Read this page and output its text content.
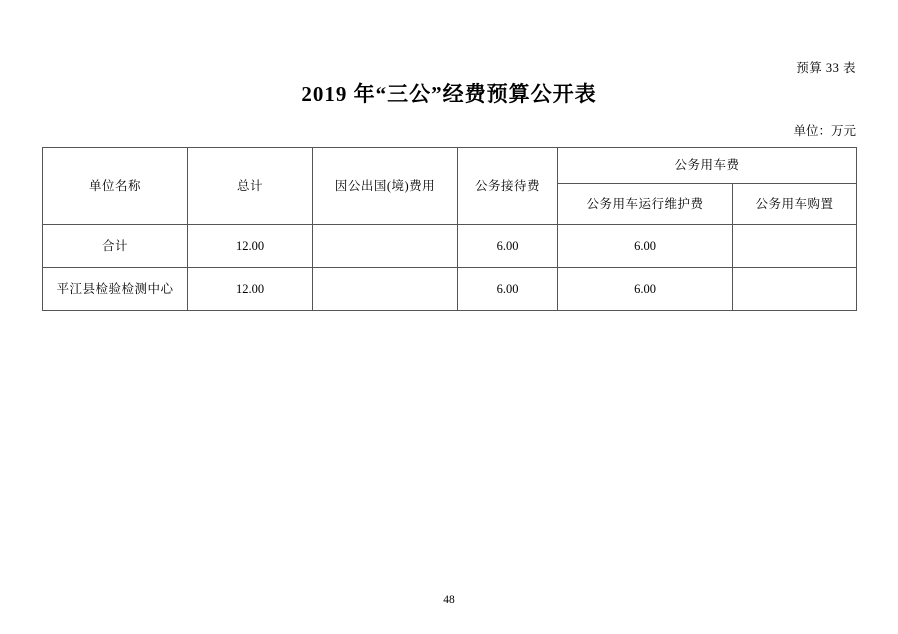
预算 33 表
2019 年“三公”经费预算公开表
单位：万元
单位名称	总计	因公出国(境)费用	公务接待费	公务用车费	
				公务用车运行维护费	公务用车购置
合计	12.00		6.00	6.00	
平江县检验检测中心	12.00		6.00	6.00	
48
